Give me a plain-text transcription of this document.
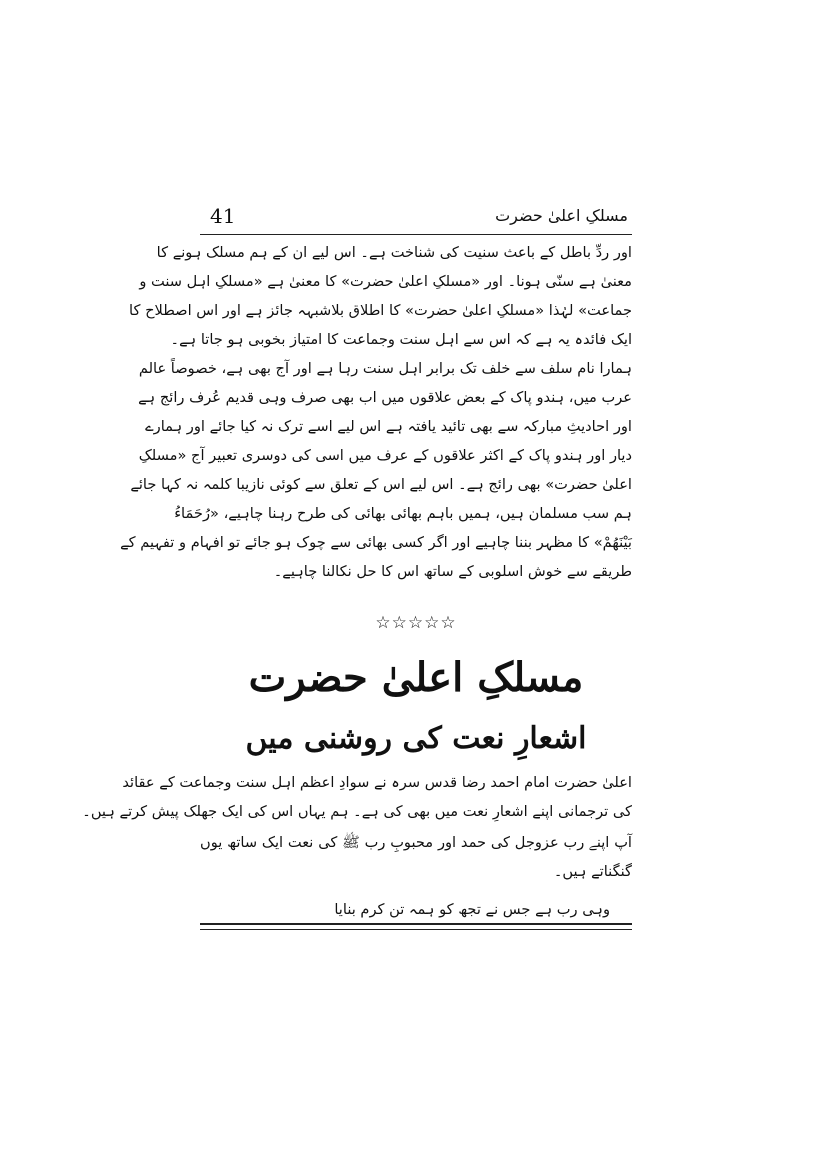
41	مسلکِ اعلیٰ حضرت
اور ردِّ باطل کے باعث سنیت کی شناخت ہے۔ اس لیے ان کے ہم مسلک ہونے کا
معنیٰ ہے سنّی ہونا۔ اور «مسلکِ اعلیٰ حضرت» کا معنیٰ ہے «مسلکِ اہل سنت و
جماعت» لہٰذا «مسلکِ اعلیٰ حضرت» کا اطلاق بلاشبہہ جائز ہے اور اس اصطلاح کا
ایک فائدہ یہ ہے کہ اس سے اہل سنت وجماعت کا امتیاز بخوبی ہو جاتا ہے۔
ہمارا نام سلف سے خلف تک برابر اہل سنت رہا ہے اور آج بھی ہے، خصوصاً عالم
عرب میں، ہندو پاک کے بعض علاقوں میں اب بھی صرف وہی قدیم عُرف رائج ہے
اور احادیثِ مبارکہ سے بھی تائید یافتہ ہے اس لیے اسے ترک نہ کیا جائے اور ہمارے
دیار اور ہندو پاک کے اکثر علاقوں کے عرف میں اسی کی دوسری تعبیر آج «مسلکِ
اعلیٰ حضرت» بھی رائج ہے۔ اس لیے اس کے تعلق سے کوئی نازیبا کلمہ نہ کہا جائے
ہم سب مسلمان ہیں، ہمیں باہم بھائی بھائی کی طرح رہنا چاہیے، «رُحَمَاءُ
بَيْنَهُمْ» کا مظہر بننا چاہیے اور اگر کسی بھائی سے چوک ہو جائے تو افہام و تفہیم کے
طریقے سے خوش اسلوبی کے ساتھ اس کا حل نکالنا چاہیے۔
☆☆☆☆☆
مسلکِ اعلیٰ حضرت
اشعارِ نعت کی روشنی میں
اعلیٰ حضرت امام احمد رضا قدس سرہ نے سوادِ اعظم اہل سنت وجماعت کے عقائد
کی ترجمانی اپنے اشعارِ نعت میں بھی کی ہے۔ ہم یہاں اس کی ایک جھلک پیش کرتے ہیں۔
آپ اپنے رب عزوجل کی حمد اور محبوبِ رب ﷺ کی نعت ایک ساتھ یوں
گنگناتے ہیں۔
وہی رب ہے جس نے تجھ کو ہمہ تن کرم بنایا
